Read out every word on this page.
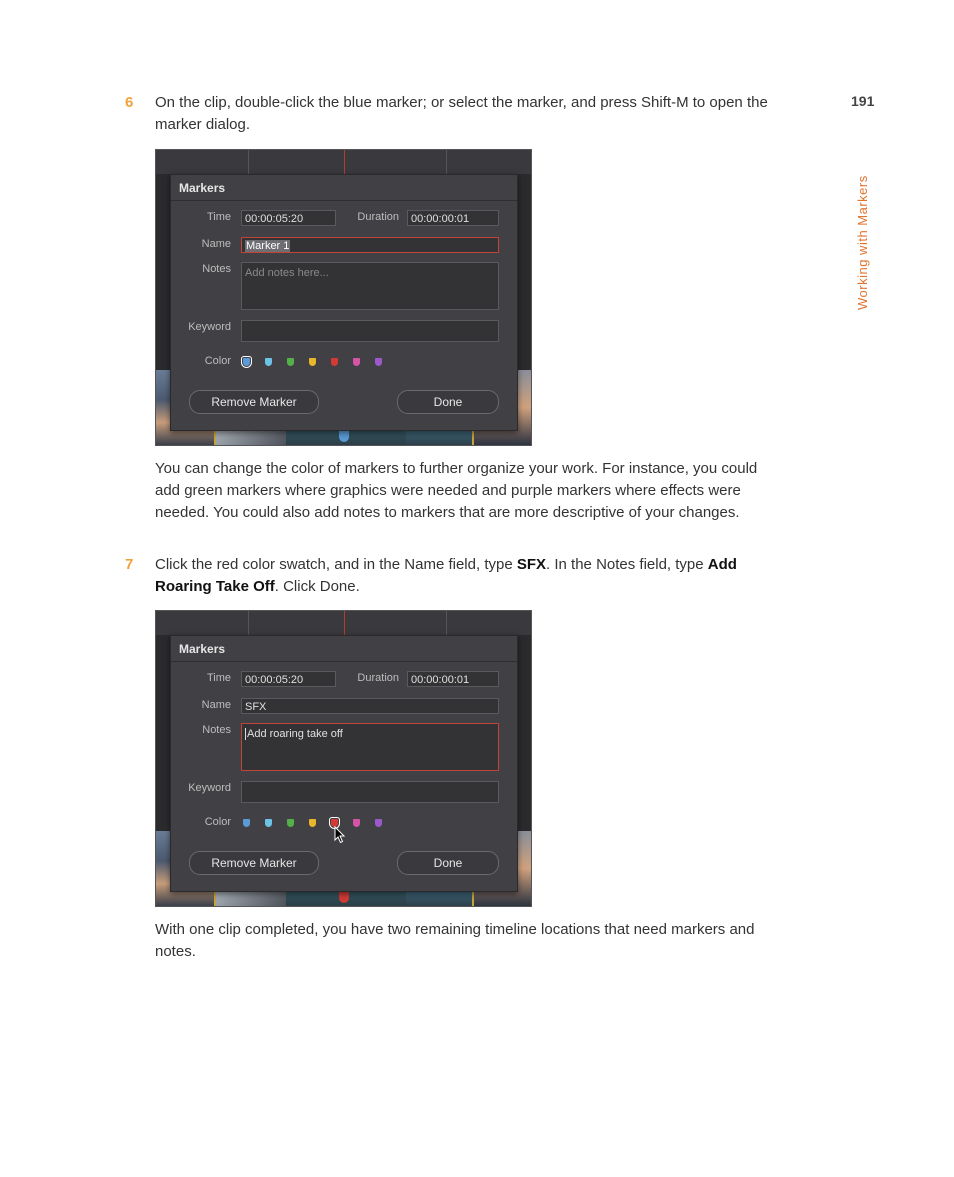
191
Working with Markers
6 On the clip, double-click the blue marker; or select the marker, and press Shift-M to open the marker dialog.
Markers
Time	00:00:05:20	Duration	00:00:00:01
Name	Marker 1
Notes	Add notes here...
Keyword
Color
Remove Marker	Done
You can change the color of markers to further organize your work. For instance, you could add green markers where graphics were needed and purple markers where effects were needed. You could also add notes to markers that are more descriptive of your changes.
7 Click the red color swatch, and in the Name field, type SFX. In the Notes field, type Add Roaring Take Off. Click Done.
Markers
Time	00:00:05:20	Duration	00:00:00:01
Name	SFX
Notes	Add roaring take off
Keyword
Color
Remove Marker	Done
With one clip completed, you have two remaining timeline locations that need markers and notes.
